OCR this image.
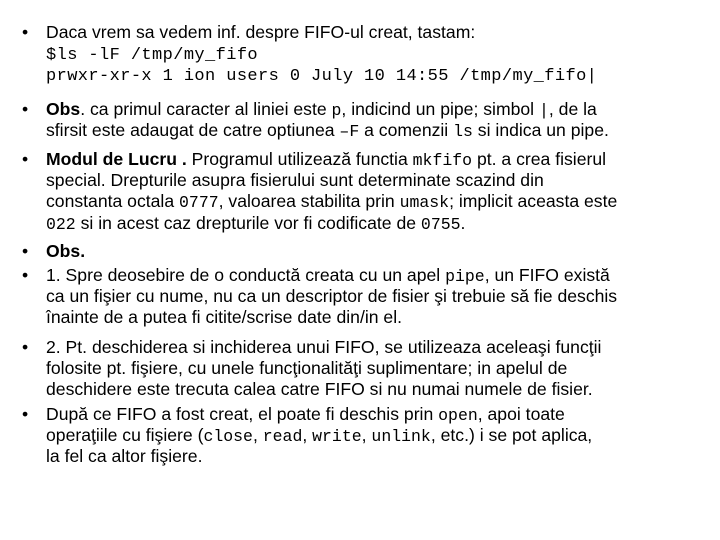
• Daca vrem sa vedem inf. despre FIFO-ul creat, tastam:
$ls -lF /tmp/my_fifo
prwxr-xr-x 1 ion users 0 July 10 14:55 /tmp/my_fifo|
• Obs. ca primul caracter al liniei este p, indicind un pipe; simbol |, de la
sfirsit este adaugat de catre optiunea –F a comenzii ls si indica un pipe.
• Modul de Lucru . Programul utilizează functia mkfifo pt. a crea fisierul
special. Drepturile asupra fisierului sunt determinate scazind din
constanta octala 0777, valoarea stabilita prin umask; implicit aceasta este
022 si in acest caz drepturile vor fi codificate de 0755.
• Obs.
• 1. Spre deosebire de o conductă creata cu un apel pipe, un FIFO există
ca un fişier cu nume, nu ca un descriptor de fisier şi trebuie să fie deschis
înainte de a putea fi citite/scrise date din/in el.
• 2. Pt. deschiderea si inchiderea unui FIFO, se utilizeaza aceleaşi funcţii
folosite pt. fişiere, cu unele funcţionalităţi suplimentare; in apelul de
deschidere este trecuta calea catre FIFO si nu numai numele de fisier.
• După ce FIFO a fost creat, el poate fi deschis prin open, apoi toate
operaţiile cu fişiere (close, read, write, unlink, etc.) i se pot aplica,
la fel ca altor fişiere.
